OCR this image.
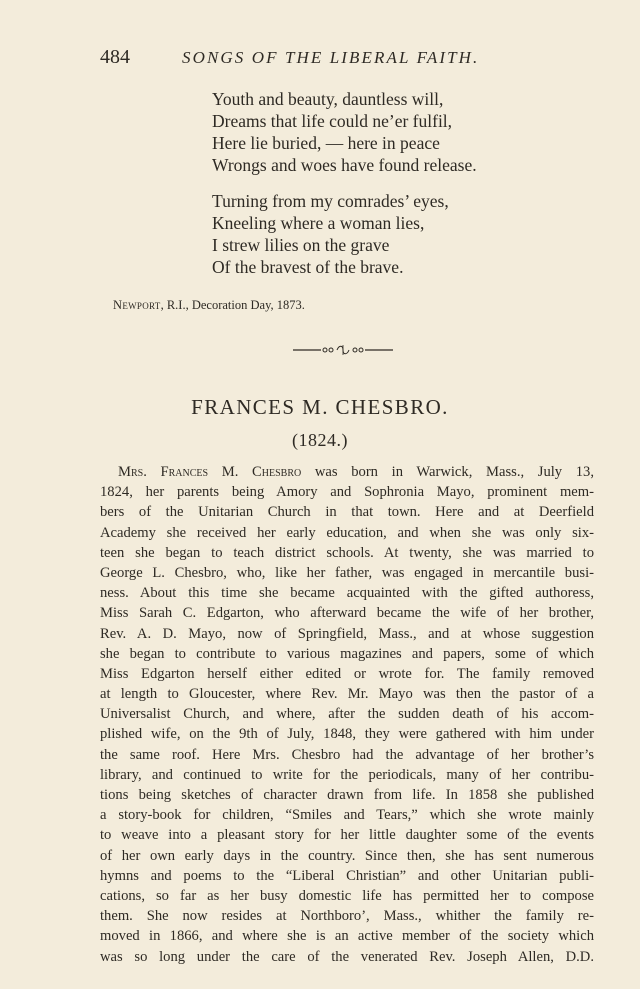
484	SONGS OF THE LIBERAL FAITH.
Youth and beauty, dauntless will,
Dreams that life could ne’er fulfil,
Here lie buried, — here in peace
Wrongs and woes have found release.
Turning from my comrades’ eyes,
Kneeling where a woman lies,
I strew lilies on the grave
Of the bravest of the brave.
Newport, R.I., Decoration Day, 1873.
FRANCES M. CHESBRO.
(1824.)
Mrs. Frances M. Chesbro was born in Warwick, Mass., July 13,
1824, her parents being Amory and Sophronia Mayo, prominent mem-
bers of the Unitarian Church in that town. Here and at Deerfield
Academy she received her early education, and when she was only six-
teen she began to teach district schools. At twenty, she was married to
George L. Chesbro, who, like her father, was engaged in mercantile busi-
ness. About this time she became acquainted with the gifted authoress,
Miss Sarah C. Edgarton, who afterward became the wife of her brother,
Rev. A. D. Mayo, now of Springfield, Mass., and at whose suggestion
she began to contribute to various magazines and papers, some of which
Miss Edgarton herself either edited or wrote for. The family removed
at length to Gloucester, where Rev. Mr. Mayo was then the pastor of a
Universalist Church, and where, after the sudden death of his accom-
plished wife, on the 9th of July, 1848, they were gathered with him under
the same roof. Here Mrs. Chesbro had the advantage of her brother’s
library, and continued to write for the periodicals, many of her contribu-
tions being sketches of character drawn from life. In 1858 she published
a story-book for children, “Smiles and Tears,” which she wrote mainly
to weave into a pleasant story for her little daughter some of the events
of her own early days in the country. Since then, she has sent numerous
hymns and poems to the “Liberal Christian” and other Unitarian publi-
cations, so far as her busy domestic life has permitted her to compose
them. She now resides at Northboro’, Mass., whither the family re-
moved in 1866, and where she is an active member of the society which
was so long under the care of the venerated Rev. Joseph Allen, D.D.
